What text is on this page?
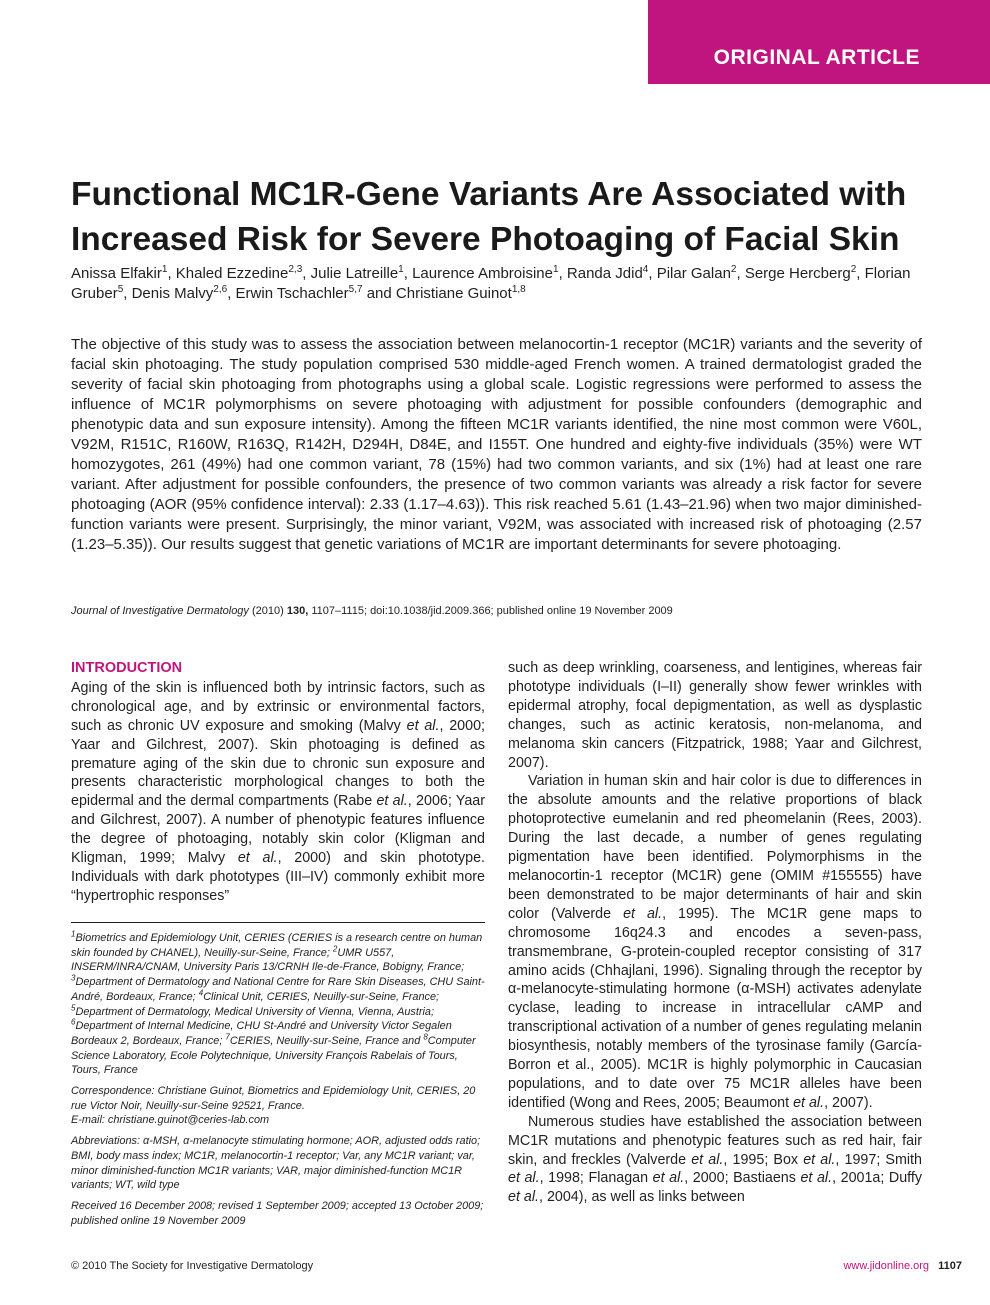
ORIGINAL ARTICLE
Functional MC1R-Gene Variants Are Associated with Increased Risk for Severe Photoaging of Facial Skin
Anissa Elfakir$^1$, Khaled Ezzedine$^{2,3}$, Julie Latreille$^1$, Laurence Ambroisine$^1$, Randa Jdid$^4$, Pilar Galan$^2$, Serge Hercberg$^2$, Florian Gruber$^5$, Denis Malvy$^{2,6}$, Erwin Tschachler$^{5,7}$ and Christiane Guinot$^{1,8}$

The objective of this study was to assess the association between melanocortin-1 receptor (MC1R) variants and the severity of facial skin photoaging. The study population comprised 530 middle-aged French women. A trained dermatologist graded the severity of facial skin photoaging from photographs using a global scale. Logistic regressions were performed to assess the influence of MC1R polymorphisms on severe photoaging with adjustment for possible confounders (demographic and phenotypic data and sun exposure intensity). Among the fifteen MC1R variants identified, the nine most common were V60L, V92M, R151C, R160W, R163Q, R142H, D294H, D84E, and I155T. One hundred and eighty-five individuals (35%) were WT homozygotes, 261 (49%) had one common variant, 78 (15%) had two common variants, and six (1%) had at least one rare variant. After adjustment for possible confounders, the presence of two common variants was already a risk factor for severe photoaging (AOR (95% confidence interval): 2.33 (1.17–4.63)). This risk reached 5.61 (1.43–21.96) when two major diminished-function variants were present. Surprisingly, the minor variant, V92M, was associated with increased risk of photoaging (2.57 (1.23–5.35)). Our results suggest that genetic variations of MC1R are important determinants for severe photoaging.

Journal of Investigative Dermatology (2010) 130, 1107–1115; doi:10.1038/jid.2009.366; published online 19 November 2009
INTRODUCTION

Aging of the skin is influenced both by intrinsic factors, such as chronological age, and by extrinsic or environmental factors, such as chronic UV exposure and smoking (Malvy et al., 2000; Yaar and Gilchrest, 2007). Skin photoaging is defined as premature aging of the skin due to chronic sun exposure and presents characteristic morphological changes to both the epidermal and the dermal compartments (Rabe et al., 2006; Yaar and Gilchrest, 2007). A number of phenotypic features influence the degree of photoaging, notably skin color (Kligman and Kligman, 1999; Malvy et al., 2000) and skin phototype. Individuals with dark phototypes (III–IV) commonly exhibit more “hypertrophic responses”

$^1$Biometrics and Epidemiology Unit, CERIES (CERIES is a research centre on human skin founded by CHANEL), Neuilly-sur-Seine, France; $^2$UMR U557, INSERM/INRA/CNAM, University Paris 13/CRNH Ile-de-France, Bobigny, France; $^3$Department of Dermatology and National Centre for Rare Skin Diseases, CHU Saint-André, Bordeaux, France; $^4$Clinical Unit, CERIES, Neuilly-sur-Seine, France; $^5$Department of Dermatology, Medical University of Vienna, Vienna, Austria; $^6$Department of Internal Medicine, CHU St-André and University Victor Segalen Bordeaux 2, Bordeaux, France; $^7$CERIES, Neuilly-sur-Seine, France and $^8$Computer Science Laboratory, Ecole Polytechnique, University François Rabelais of Tours, Tours, France

Correspondence: Christiane Guinot, Biometrics and Epidemiology Unit, CERIES, 20 rue Victor Noir, Neuilly-sur-Seine 92521, France.
E-mail: christiane.guinot@ceries-lab.com

Abbreviations: α-MSH, α-melanocyte stimulating hormone; AOR, adjusted odds ratio; BMI, body mass index; MC1R, melanocortin-1 receptor; Var, any MC1R variant; var, minor diminished-function MC1R variants; VAR, major diminished-function MC1R variants; WT, wild type

Received 16 December 2008; revised 1 September 2009; accepted 13 October 2009; published online 19 November 2009

such as deep wrinkling, coarseness, and lentigines, whereas fair phototype individuals (I–II) generally show fewer wrinkles with epidermal atrophy, focal depigmentation, as well as dysplastic changes, such as actinic keratosis, non-melanoma, and melanoma skin cancers (Fitzpatrick, 1988; Yaar and Gilchrest, 2007).

Variation in human skin and hair color is due to differences in the absolute amounts and the relative proportions of black photoprotective eumelanin and red pheomelanin (Rees, 2003). During the last decade, a number of genes regulating pigmentation have been identified. Polymorphisms in the melanocortin-1 receptor (MC1R) gene (OMIM #155555) have been demonstrated to be major determinants of hair and skin color (Valverde et al., 1995). The MC1R gene maps to chromosome 16q24.3 and encodes a seven-pass, transmembrane, G-protein-coupled receptor consisting of 317 amino acids (Chhajlani, 1996). Signaling through the receptor by α-melanocyte-stimulating hormone (α-MSH) activates adenylate cyclase, leading to increase in intracellular cAMP and transcriptional activation of a number of genes regulating melanin biosynthesis, notably members of the tyrosinase family (García-Borron et al., 2005). MC1R is highly polymorphic in Caucasian populations, and to date over 75 MC1R alleles have been identified (Wong and Rees, 2005; Beaumont et al., 2007).

Numerous studies have established the association between MC1R mutations and phenotypic features such as red hair, fair skin, and freckles (Valverde et al., 1995; Box et al., 1997; Smith et al., 1998; Flanagan et al., 2000; Bastiaens et al., 2001a; Duffy et al., 2004), as well as links between

© 2010 The Society for Investigative Dermatology	www.jidonline.org 1107
